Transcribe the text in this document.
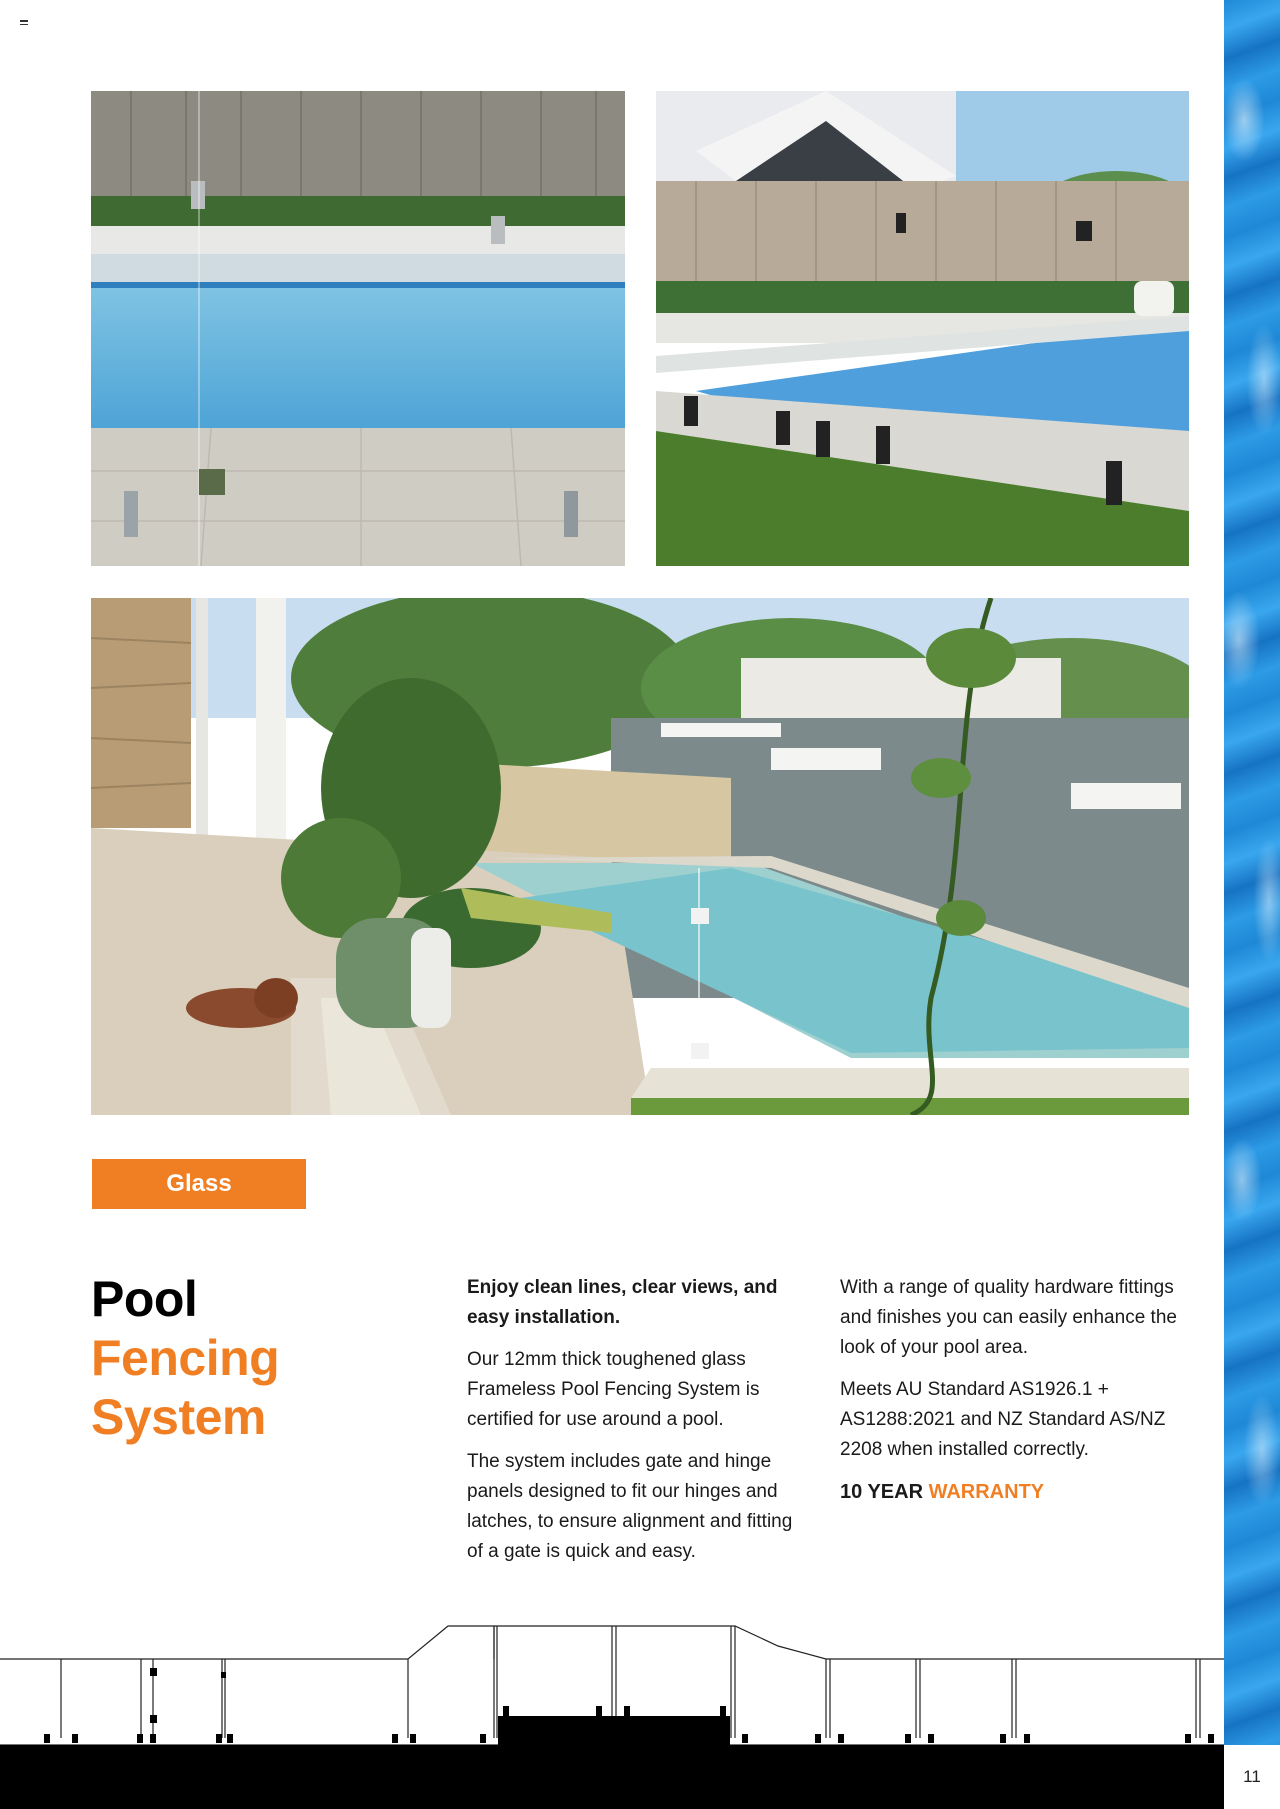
Glass
Pool
Fencing
System

Enjoy clean lines, clear views, and easy installation.

Our 12mm thick toughened glass Frameless Pool Fencing System is certified for use around a pool.

The system includes gate and hinge panels designed to fit our hinges and latches, to ensure alignment and fitting of a gate is quick and easy.

With a range of quality hardware fittings and finishes you can easily enhance the look of your pool area.

Meets AU Standard AS1926.1 + AS1288:2021 and NZ Standard AS/NZ 2208 when installed correctly.

10 YEAR WARRANTY
11
